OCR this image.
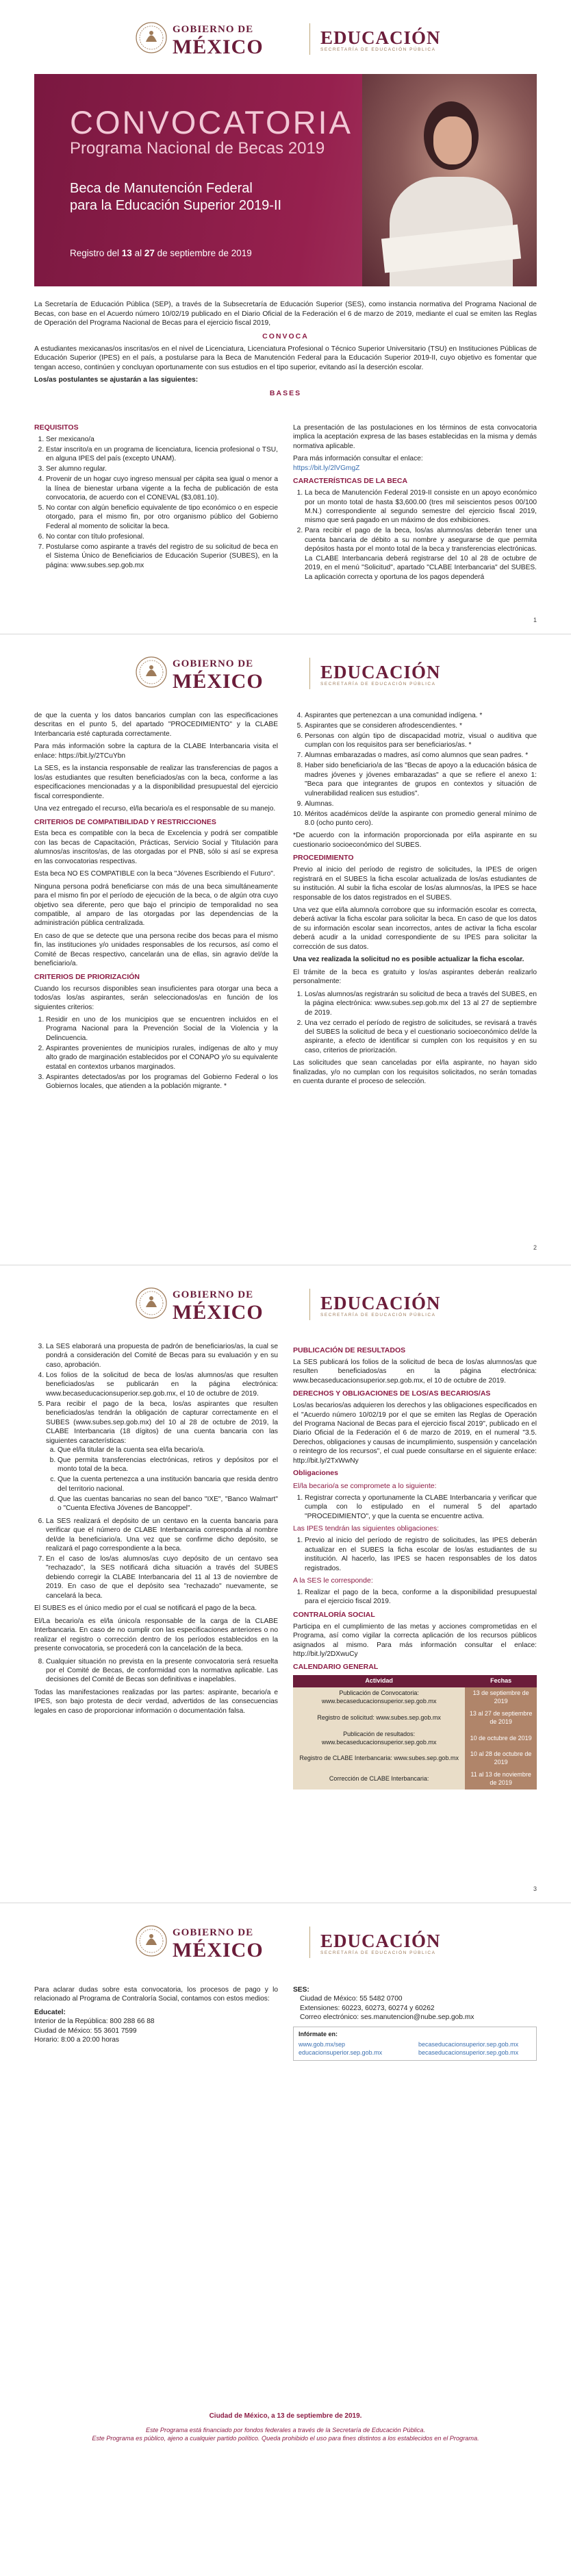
GOBIERNO DE
MÉXICO	EDUCACIÓN
SECRETARÍA DE EDUCACIÓN PÚBLICA
CONVOCATORIA
Programa Nacional de Becas 2019
Beca de Manutención Federal
para la Educación Superior 2019-II
Registro del 13 al 27 de septiembre de 2019

La Secretaría de Educación Pública (SEP), a través de la Subsecretaría de Educación Superior (SES), como instancia normativa del Programa Nacional de Becas, con base en el Acuerdo número 10/02/19 publicado en el Diario Oficial de la Federación el 6 de marzo de 2019, mediante el cual se emiten las Reglas de Operación del Programa Nacional de Becas para el ejercicio fiscal 2019,

CONVOCA

A estudiantes mexicanas/os inscritas/os en el nivel de Licenciatura, Licenciatura Profesional o Técnico Superior Universitario (TSU) en Instituciones Públicas de Educación Superior (IPES) en el país, a postularse para la Beca de Manutención Federal para la Educación Superior 2019-II, cuyo objetivo es fomentar que tengan acceso, continúen y concluyan oportunamente con sus estudios en el tipo superior, evitando así la deserción escolar.

Los/as postulantes se ajustarán a las siguientes:

BASES
REQUISITOS
1. Ser mexicano/a
2. Estar inscrito/a en un programa de licenciatura, licencia profesional o TSU, en alguna IPES del país (excepto UNAM).
3. Ser alumno regular.
4. Provenir de un hogar cuyo ingreso mensual per cápita sea igual o menor a la línea de bienestar urbana vigente a la fecha de publicación de esta convocatoria, de acuerdo con el CONEVAL ($3,081.10).
5. No contar con algún beneficio equivalente de tipo económico o en especie otorgado, para el mismo fin, por otro organismo público del Gobierno Federal al momento de solicitar la beca.
6. No contar con título profesional.
7. Postularse como aspirante a través del registro de su solicitud de beca en el Sistema Único de Beneficiarios de Educación Superior (SUBES), en la página: www.subes.sep.gob.mx

La presentación de las postulaciones en los términos de esta convocatoria implica la aceptación expresa de las bases establecidas en la misma y demás normativa aplicable.

Para más información consultar el enlace:

https://bit.ly/2lVGmgZ

CARACTERÍSTICAS DE LA BECA
1. La beca de Manutención Federal 2019-II consiste en un apoyo económico por un monto total de hasta $3,600.00 (tres mil seiscientos pesos 00/100 M.N.) correspondiente al segundo semestre del ejercicio fiscal 2019, mismo que será pagado en un máximo de dos exhibiciones.
2. Para recibir el pago de la beca, los/as alumnos/as deberán tener una cuenta bancaria de débito a su nombre y asegurarse de que permita depósitos hasta por el monto total de la beca y transferencias electrónicas. La CLABE Interbancaria deberá registrarse del 10 al 28 de octubre de 2019, en el menú "Solicitud", apartado "CLABE Interbancaria" del SUBES. La aplicación correcta y oportuna de los pagos dependerá
1
GOBIERNO DE
MÉXICO	EDUCACIÓN
SECRETARÍA DE EDUCACIÓN PÚBLICA

de que la cuenta y los datos bancarios cumplan con las especificaciones descritas en el punto 5, del apartado "PROCEDIMIENTO" y la CLABE Interbancaria esté capturada correctamente.

Para más información sobre la captura de la CLABE Interbancaria visita el enlace: https://bit.ly/2TCuYbn

La SES, es la instancia responsable de realizar las transferencias de pagos a los/as estudiantes que resulten beneficiados/as con la beca, conforme a las especificaciones mencionadas y a la disponibilidad presupuestal del ejercicio fiscal correspondiente.

Una vez entregado el recurso, el/la becario/a es el responsable de su manejo.

CRITERIOS DE COMPATIBILIDAD Y RESTRICCIONES

Esta beca es compatible con la beca de Excelencia y podrá ser compatible con las becas de Capacitación, Prácticas, Servicio Social y Titulación para alumnos/as inscritos/as, de las otorgadas por el PNB, sólo si así se expresa en las convocatorias respectivas.

Esta beca NO ES COMPATIBLE con la beca "Jóvenes Escribiendo el Futuro".

Ninguna persona podrá beneficiarse con más de una beca simultáneamente para el mismo fin por el período de ejecución de la beca, o de algún otra cuyo objetivo sea diferente, pero que bajo el principio de temporalidad no sea compatible, al amparo de las otorgadas por las dependencias de la administración pública centralizada.

En caso de que se detecte que una persona recibe dos becas para el mismo fin, las instituciones y/o unidades responsables de los recursos, así como el Comité de Becas respectivo, cancelarán una de ellas, sin agravio del/de la beneficiario/a.

CRITERIOS DE PRIORIZACIÓN

Cuando los recursos disponibles sean insuficientes para otorgar una beca a todos/as los/as aspirantes, serán seleccionados/as en función de los siguientes criterios:

1. Residir en uno de los municipios que se encuentren incluidos en el Programa Nacional para la Prevención Social de la Violencia y la Delincuencia.
2. Aspirantes provenientes de municipios rurales, indígenas de alto y muy alto grado de marginación establecidos por el CONAPO y/o su equivalente estatal en contextos urbanos marginados.
3. Aspirantes detectados/as por los programas del Gobierno Federal o los Gobiernos locales, que atienden a la población migrante. *
4. Aspirantes que pertenezcan a una comunidad indígena. *
5. Aspirantes que se consideren afrodescendientes. *
6. Personas con algún tipo de discapacidad motriz, visual o auditiva que cumplan con los requisitos para ser beneficiarios/as. *
7. Alumnas embarazadas o madres, así como alumnos que sean padres. *
8. Haber sido beneficiario/a de las "Becas de apoyo a la educación básica de madres jóvenes y jóvenes embarazadas" a que se refiere el anexo 1: "Beca para que integrantes de grupos en contextos y situación de vulnerabilidad realicen sus estudios".
9. Alumnas.
10. Méritos académicos del/de la aspirante con promedio general mínimo de 8.0 (ocho punto cero).

*De acuerdo con la información proporcionada por el/la aspirante en su cuestionario socioeconómico del SUBES.

PROCEDIMIENTO

Previo al inicio del período de registro de solicitudes, la IPES de origen registrará en el SUBES la ficha escolar actualizada de los/as estudiantes de su institución. Al subir la ficha escolar de los/as alumnos/as, la IPES se hace responsable de los datos registrados en el SUBES.

Una vez que el/la alumno/a corrobore que su información escolar es correcta, deberá activar la ficha escolar para solicitar la beca. En caso de que los datos de su información escolar sean incorrectos, antes de activar la ficha escolar deberá acudir a la unidad correspondiente de su IPES para solicitar la corrección de sus datos.

Una vez realizada la solicitud no es posible actualizar la ficha escolar.

El trámite de la beca es gratuito y los/as aspirantes deberán realizarlo personalmente:

1. Los/as alumnos/as registrarán su solicitud de beca a través del SUBES, en la página electrónica: www.subes.sep.gob.mx del 13 al 27 de septiembre de 2019.
2. Una vez cerrado el período de registro de solicitudes, se revisará a través del SUBES la solicitud de beca y el cuestionario socioeconómico del/de la aspirante, a efecto de identificar si cumplen con los requisitos y en su caso, criterios de priorización.

Las solicitudes que sean canceladas por el/la aspirante, no hayan sido finalizadas, y/o no cumplan con los requisitos solicitados, no serán tomadas en cuenta durante el proceso de selección.

2
GOBIERNO DE
MÉXICO	EDUCACIÓN
SECRETARÍA DE EDUCACIÓN PÚBLICA
3. La SES elaborará una propuesta de padrón de beneficiarios/as, la cual se pondrá a consideración del Comité de Becas para su evaluación y en su caso, aprobación.
4. Los folios de la solicitud de beca de los/as alumnos/as que resulten beneficiados/as se publicarán en la página electrónica: www.becaseducacionsuperior.sep.gob.mx, el 10 de octubre de 2019.
5. Para recibir el pago de la beca, los/as aspirantes que resulten beneficiados/as tendrán la obligación de capturar correctamente en el SUBES (www.subes.sep.gob.mx) del 10 al 28 de octubre de 2019, la CLABE Interbancaria (18 dígitos) de una cuenta bancaria con las siguientes características:
a. Que el/la titular de la cuenta sea el/la becario/a.
b. Que permita transferencias electrónicas, retiros y depósitos por el monto total de la beca.
c. Que la cuenta pertenezca a una institución bancaria que resida dentro del territorio nacional.
d. Que las cuentas bancarias no sean del banco "IXE", "Banco Walmart" o "Cuenta Efectiva Jóvenes de Bancoppel".
6. La SES realizará el depósito de un centavo en la cuenta bancaria para verificar que el número de CLABE Interbancaria corresponda al nombre del/de la beneficiario/a. Una vez que se confirme dicho depósito, se realizará el pago correspondiente a la beca.
7. En el caso de los/as alumnos/as cuyo depósito de un centavo sea "rechazado", la SES notificará dicha situación a través del SUBES debiendo corregir la CLABE Interbancaria del 11 al 13 de noviembre de 2019. En caso de que el depósito sea "rechazado" nuevamente, se cancelará la beca.

El SUBES es el único medio por el cual se notificará el pago de la beca.

El/La becario/a es el/la único/a responsable de la carga de la CLABE Interbancaria. En caso de no cumplir con las especificaciones anteriores o no realizar el registro o corrección dentro de los períodos establecidos en la presente convocatoria, se procederá con la cancelación de la beca.

8. Cualquier situación no prevista en la presente convocatoria será resuelta por el Comité de Becas, de conformidad con la normativa aplicable. Las decisiones del Comité de Becas son definitivas e inapelables.

Todas las manifestaciones realizadas por las partes: aspirante, becario/a e IPES, son bajo protesta de decir verdad, advertidos de las consecuencias legales en caso de proporcionar información o documentación falsa.

PUBLICACIÓN DE RESULTADOS

La SES publicará los folios de la solicitud de beca de los/as alumnos/as que resulten beneficiados/as en la página electrónica: www.becaseducacionsuperior.sep.gob.mx, el 10 de octubre de 2019.

DERECHOS Y OBLIGACIONES DE LOS/AS BECARIOS/AS

Los/as becarios/as adquieren los derechos y las obligaciones especificados en el "Acuerdo número 10/02/19 por el que se emiten las Reglas de Operación del Programa Nacional de Becas para el ejercicio fiscal 2019", publicado en el Diario Oficial de la Federación el 6 de marzo de 2019, en el numeral "3.5. Derechos, obligaciones y causas de incumplimiento, suspensión y cancelación o reintegro de los recursos", el cual puede consultarse en el siguiente enlace: http://bit.ly/2TxWwNy

Obligaciones
El/la becario/a se compromete a lo siguiente:
1. Registrar correcta y oportunamente la CLABE Interbancaria y verificar que cumpla con lo estipulado en el numeral 5 del apartado "PROCEDIMIENTO", y que la cuenta se encuentre activa.
Las IPES tendrán las siguientes obligaciones:
1. Previo al inicio del período de registro de solicitudes, las IPES deberán actualizar en el SUBES la ficha escolar de los/as estudiantes de su institución. Al hacerlo, las IPES se hacen responsables de los datos registrados.
A la SES le corresponde:
1. Realizar el pago de la beca, conforme a la disponibilidad presupuestal para el ejercicio fiscal 2019.
CONTRALORÍA SOCIAL

Participa en el cumplimiento de las metas y acciones comprometidas en el Programa, así como vigilar la correcta aplicación de los recursos públicos asignados al mismo. Para más información consultar el enlace: http://bit.ly/2DXwuCy

CALENDARIO GENERAL
Actividad	Fechas
Publicación de Convocatoria: www.becaseducacionsuperior.sep.gob.mx	13 de septiembre de 2019
Registro de solicitud: www.subes.sep.gob.mx	13 al 27 de septiembre de 2019
Publicación de resultados: www.becaseducacionsuperior.sep.gob.mx	10 de octubre de 2019
Registro de CLABE Interbancaria: www.subes.sep.gob.mx	10 al 28 de octubre de 2019
Corrección de CLABE Interbancaria:	11 al 13 de noviembre de 2019
3
GOBIERNO DE
MÉXICO	EDUCACIÓN
SECRETARÍA DE EDUCACIÓN PÚBLICA

Para aclarar dudas sobre esta convocatoria, los procesos de pago y lo relacionado al Programa de Contraloría Social, contamos con estos medios:

Educatel:
Interior de la República: 800 288 66 88
Ciudad de México: 55 3601 7599
Horario: 8:00 a 20:00 horas
SES:
Ciudad de México: 55 5482 0700
Extensiones: 60223, 60273, 60274 y 60262
Correo electrónico: ses.manutencion@nube.sep.gob.mx
Infórmate en:
www.gob.mx/sep
educacionsuperior.sep.gob.mx
becaseducacionsuperior.sep.gob.mx
becaseducacionsuperior.sep.gob.mx
Ciudad de México, a 13 de septiembre de 2019.
Este Programa está financiado por fondos federales a través de la Secretaría de Educación Pública.
Este Programa es público, ajeno a cualquier partido político. Queda prohibido el uso para fines distintos a los establecidos en el Programa.
